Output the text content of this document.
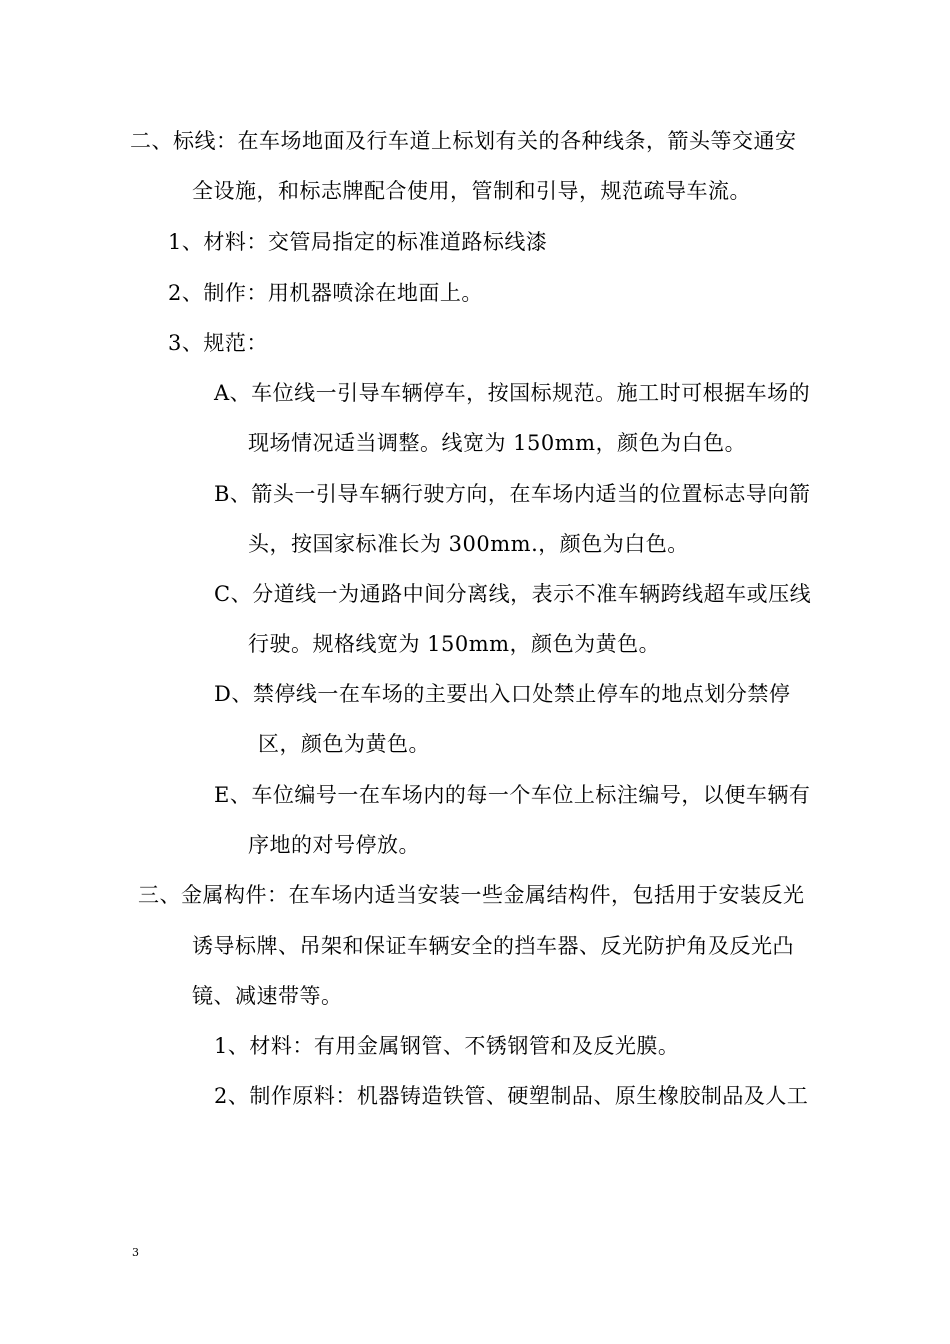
二、标线：在车场地面及行车道上标划有关的各种线条，箭头等交通安
全设施，和标志牌配合使用，管制和引导，规范疏导车流。
1、材料：交管局指定的标准道路标线漆
2、制作：用机器喷涂在地面上。
3、规范：
A、车位线一引导车辆停车，按国标规范。施工时可根据车场的
现场情况适当调整。线宽为 150mm，颜色为白色。
B、箭头一引导车辆行驶方向，在车场内适当的位置标志导向箭
头，按国家标准长为 300mm.，颜色为白色。
C、分道线一为通路中间分离线，表示不准车辆跨线超车或压线
行驶。规格线宽为 150mm，颜色为黄色。
D、禁停线一在车场的主要出入口处禁止停车的地点划分禁停
区，颜色为黄色。
E、车位编号一在车场内的每一个车位上标注编号，以便车辆有
序地的对号停放。
三、金属构件：在车场内适当安装一些金属结构件，包括用于安装反光
诱导标牌、吊架和保证车辆安全的挡车器、反光防护角及反光凸
镜、减速带等。
1、材料：有用金属钢管、不锈钢管和及反光膜。
2、制作原料：机器铸造铁管、硬塑制品、原生橡胶制品及人工
3
